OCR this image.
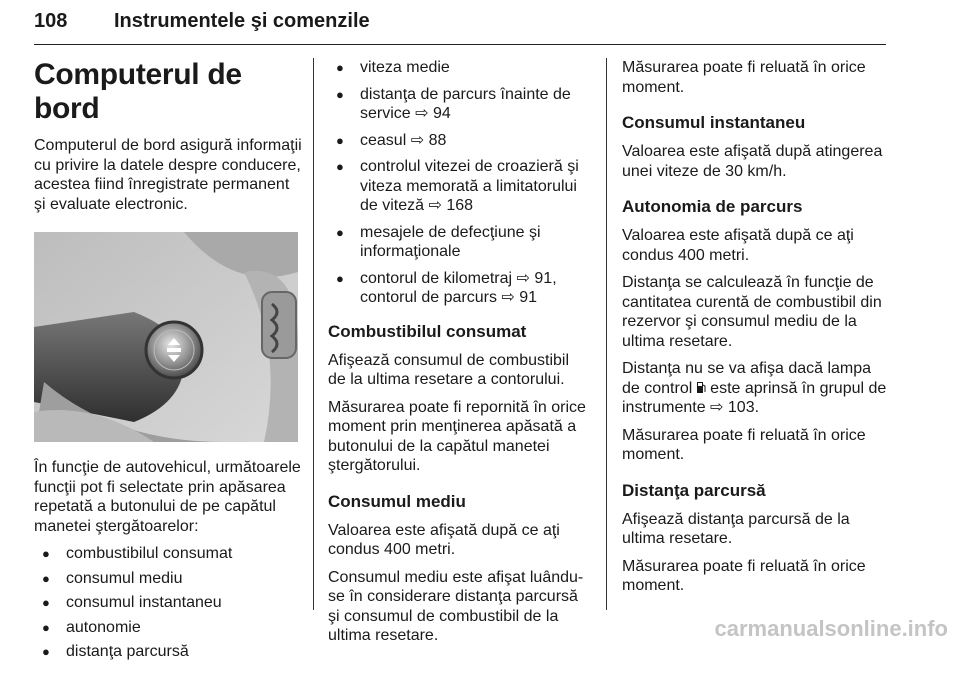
108 Instrumentele şi comenzile
Computerul de bord

Computerul de bord asigură informaţii cu privire la datele despre conducere, acestea fiind înregistrate permanent şi evaluate electronic.

În funcţie de autovehicul, următoarele funcţii pot fi selectate prin apăsarea repetată a butonului de pe capătul manetei ştergătoarelor:

● combustibilul consumat
● consumul mediu
● consumul instantaneu
● autonomie
● distanţa parcursă
● viteza medie
● distanţa de parcurs înainte de service ⇨ 94
● ceasul ⇨ 88
● controlul vitezei de croazieră şi viteza memorată a limitatorului de viteză ⇨ 168
● mesajele de defecţiune şi informaţionale
● contorul de kilometraj ⇨ 91,
contorul de parcurs ⇨ 91
Combustibilul consumat

Afişează consumul de combustibil de la ultima resetare a contorului.

Măsurarea poate fi repornită în orice moment prin menţinerea apăsată a butonului de la capătul manetei ştergătorului.

Consumul mediu

Valoarea este afişată după ce aţi condus 400 metri.

Consumul mediu este afişat luându-se în considerare distanţa parcursă şi consumul de combustibil de la ultima resetare.

Măsurarea poate fi reluată în orice moment.

Consumul instantaneu

Valoarea este afişată după atingerea unei viteze de 30 km/h.

Autonomia de parcurs

Valoarea este afişată după ce aţi condus 400 metri.

Distanţa se calculează în funcţie de cantitatea curentă de combustibil din rezervor şi consumul mediu de la ultima resetare.

Distanţa nu se va afişa dacă lampa de control este aprinsă în grupul de instrumente ⇨ 103.

Măsurarea poate fi reluată în orice moment.

Distanţa parcursă

Afişează distanţa parcursă de la ultima resetare.

Măsurarea poate fi reluată în orice moment.

carmanualsonline.info
